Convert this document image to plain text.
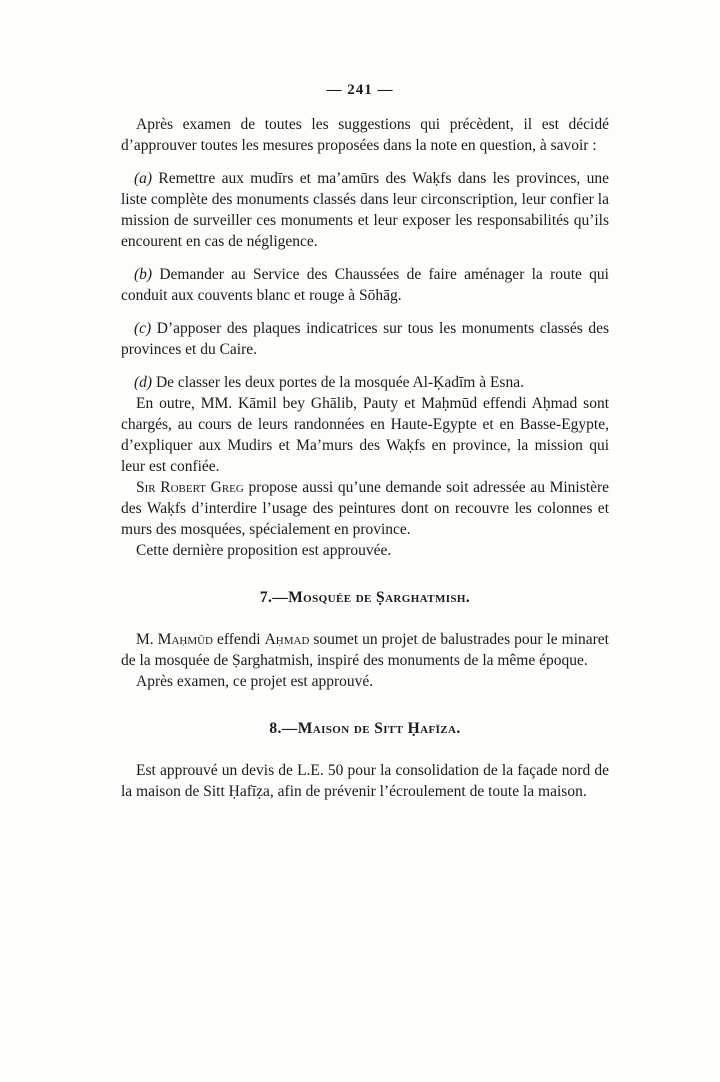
— 241 —

Après examen de toutes les suggestions qui précèdent, il est décidé d’approuver toutes les mesures proposées dans la note en question, à savoir :

(a) Remettre aux mudīrs et ma’amūrs des Waḳfs dans les provinces, une liste complète des monuments classés dans leur circonscription, leur confier la mission de surveiller ces monuments et leur exposer les responsabilités qu’ils encourent en cas de négligence.

(b) Demander au Service des Chaussées de faire aménager la route qui conduit aux couvents blanc et rouge à Sōhāg.

(c) D’apposer des plaques indicatrices sur tous les monuments classés des provinces et du Caire.

(d) De classer les deux portes de la mosquée Al-Ḳadīm à Esna.

En outre, MM. Kāmil bey Ghālib, Pauty et Maḥmūd effendi Aḥmad sont chargés, au cours de leurs randonnées en Haute-Egypte et en Basse-Egypte, d’expliquer aux Mudirs et Ma’murs des Waḳfs en province, la mission qui leur est confiée.

Sir Robert Greg propose aussi qu’une demande soit adressée au Ministère des Waḳfs d’interdire l’usage des peintures dont on recouvre les colonnes et murs des mosquées, spécialement en province.

Cette dernière proposition est approuvée.

7.—Mosquée de Ṣarghatmish.

M. Maḥmūd effendi Aḥmad soumet un projet de balustrades pour le minaret de la mosquée de Ṣarghatmish, inspiré des monuments de la même époque.

Après examen, ce projet est approuvé.

8.—Maison de Sitt Ḥafīza.

Est approuvé un devis de L.E. 50 pour la consolidation de la façade nord de la maison de Sitt Ḥafīẓa, afin de prévenir l’écroulement de toute la maison.
